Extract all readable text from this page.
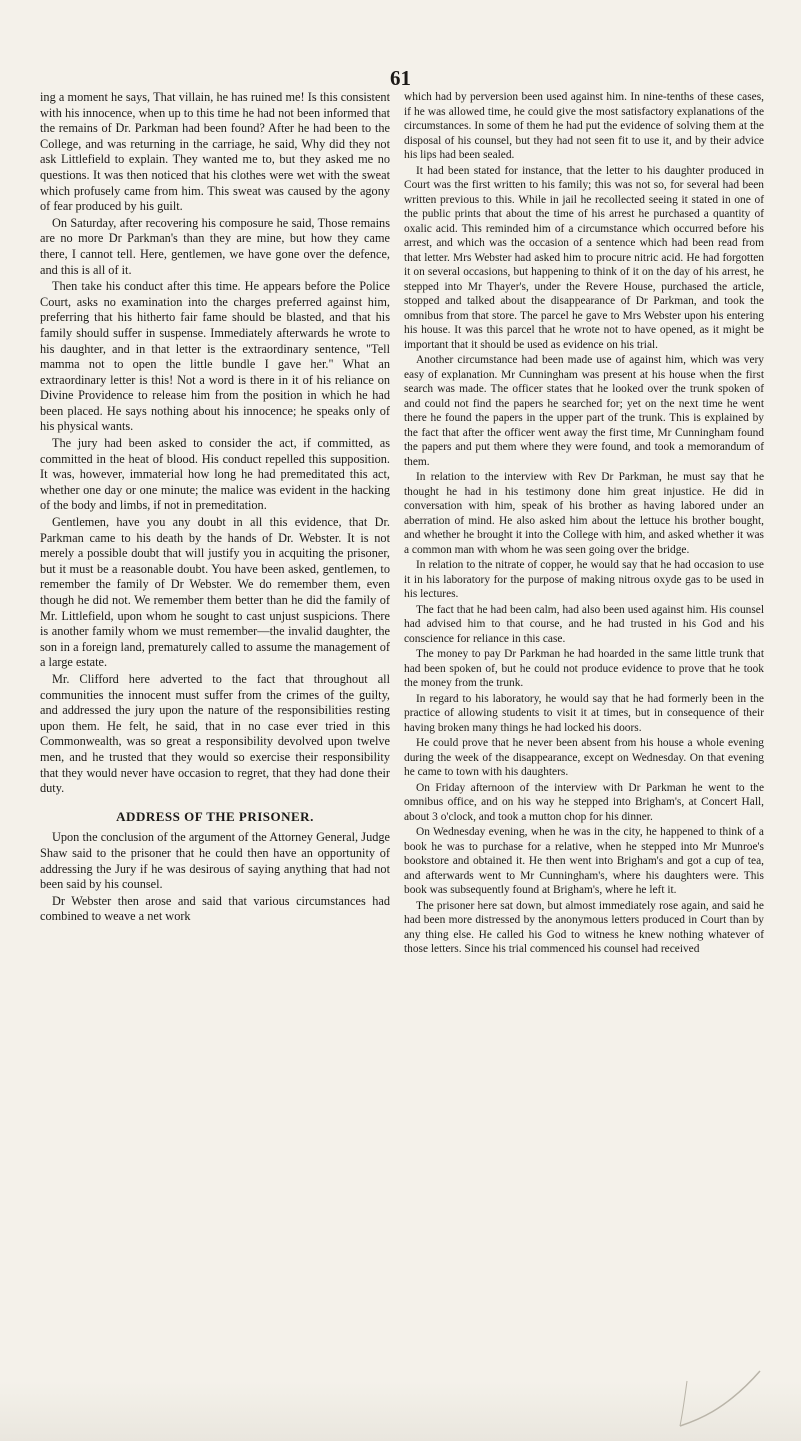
61

ing a moment he says, That villain, he has ruined me! Is this consistent with his innocence, when up to this time he had not been informed that the remains of Dr. Parkman had been found? After he had been to the College, and was returning in the carriage, he said, Why did they not ask Littlefield to explain. They wanted me to, but they asked me no questions. It was then noticed that his clothes were wet with the sweat which profusely came from him. This sweat was caused by the agony of fear produced by his guilt.

On Saturday, after recovering his composure he said, Those remains are no more Dr Parkman's than they are mine, but how they came there, I cannot tell. Here, gentlemen, we have gone over the defence, and this is all of it.

Then take his conduct after this time. He appears before the Police Court, asks no examination into the charges preferred against him, preferring that his hitherto fair fame should be blasted, and that his family should suffer in suspense. Immediately afterwards he wrote to his daughter, and in that letter is the extraordinary sentence, "Tell mamma not to open the little bundle I gave her." What an extraordinary letter is this! Not a word is there in it of his reliance on Divine Providence to release him from the position in which he had been placed. He says nothing about his innocence; he speaks only of his physical wants.

The jury had been asked to consider the act, if committed, as committed in the heat of blood. His conduct repelled this supposition. It was, however, immaterial how long he had premeditated this act, whether one day or one minute; the malice was evident in the hacking of the body and limbs, if not in premeditation.

Gentlemen, have you any doubt in all this evidence, that Dr. Parkman came to his death by the hands of Dr. Webster. It is not merely a possible doubt that will justify you in acquiting the prisoner, but it must be a reasonable doubt. You have been asked, gentlemen, to remember the family of Dr Webster. We do remember them, even though he did not. We remember them better than he did the family of Mr. Littlefield, upon whom he sought to cast unjust suspicions. There is another family whom we must remember—the invalid daughter, the son in a foreign land, prematurely called to assume the management of a large estate.

Mr. Clifford here adverted to the fact that throughout all communities the innocent must suffer from the crimes of the guilty, and addressed the jury upon the nature of the responsibilities resting upon them. He felt, he said, that in no case ever tried in this Commonwealth, was so great a responsibility devolved upon twelve men, and he trusted that they would so exercise their responsibility that they would never have occasion to regret, that they had done their duty.

ADDRESS OF THE PRISONER.

Upon the conclusion of the argument of the Attorney General, Judge Shaw said to the prisoner that he could then have an opportunity of addressing the Jury if he was desirous of saying anything that had not been said by his counsel.

Dr Webster then arose and said that various circumstances had combined to weave a net work

which had by perversion been used against him. In nine-tenths of these cases, if he was allowed time, he could give the most satisfactory explanations of the circumstances. In some of them he had put the evidence of solving them at the disposal of his counsel, but they had not seen fit to use it, and by their advice his lips had been sealed.

It had been stated for instance, that the letter to his daughter produced in Court was the first written to his family; this was not so, for several had been written previous to this. While in jail he recollected seeing it stated in one of the public prints that about the time of his arrest he purchased a quantity of oxalic acid. This reminded him of a circumstance which occurred before his arrest, and which was the occasion of a sentence which had been read from that letter. Mrs Webster had asked him to procure nitric acid. He had forgotten it on several occasions, but happening to think of it on the day of his arrest, he stepped into Mr Thayer's, under the Revere House, purchased the article, stopped and talked about the disappearance of Dr Parkman, and took the omnibus from that store. The parcel he gave to Mrs Webster upon his entering his house. It was this parcel that he wrote not to have opened, as it might be important that it should be used as evidence on his trial.

Another circumstance had been made use of against him, which was very easy of explanation. Mr Cunningham was present at his house when the first search was made. The officer states that he looked over the trunk spoken of and could not find the papers he searched for; yet on the next time he went there he found the papers in the upper part of the trunk. This is explained by the fact that after the officer went away the first time, Mr Cunningham found the papers and put them where they were found, and took a memorandum of them.

In relation to the interview with Rev Dr Parkman, he must say that he thought he had in his testimony done him great injustice. He did in conversation with him, speak of his brother as having labored under an aberration of mind. He also asked him about the lettuce his brother bought, and whether he brought it into the College with him, and asked whether it was a common man with whom he was seen going over the bridge.

In relation to the nitrate of copper, he would say that he had occasion to use it in his laboratory for the purpose of making nitrous oxyde gas to be used in his lectures.

The fact that he had been calm, had also been used against him. His counsel had advised him to that course, and he had trusted in his God and his conscience for reliance in this case.

The money to pay Dr Parkman he had hoarded in the same little trunk that had been spoken of, but he could not produce evidence to prove that he took the money from the trunk.

In regard to his laboratory, he would say that he had formerly been in the practice of allowing students to visit it at times, but in consequence of their having broken many things he had locked his doors.

He could prove that he never been absent from his house a whole evening during the week of the disappearance, except on Wednesday. On that evening he came to town with his daughters.

On Friday afternoon of the interview with Dr Parkman he went to the omnibus office, and on his way he stepped into Brigham's, at Concert Hall, about 3 o'clock, and took a mutton chop for his dinner.

On Wednesday evening, when he was in the city, he happened to think of a book he was to purchase for a relative, when he stepped into Mr Munroe's bookstore and obtained it. He then went into Brigham's and got a cup of tea, and afterwards went to Mr Cunningham's, where his daughters were. This book was subsequently found at Brigham's, where he left it.

The prisoner here sat down, but almost immediately rose again, and said he had been more distressed by the anonymous letters produced in Court than by any thing else. He called his God to witness he knew nothing whatever of those letters. Since his trial commenced his counsel had received
